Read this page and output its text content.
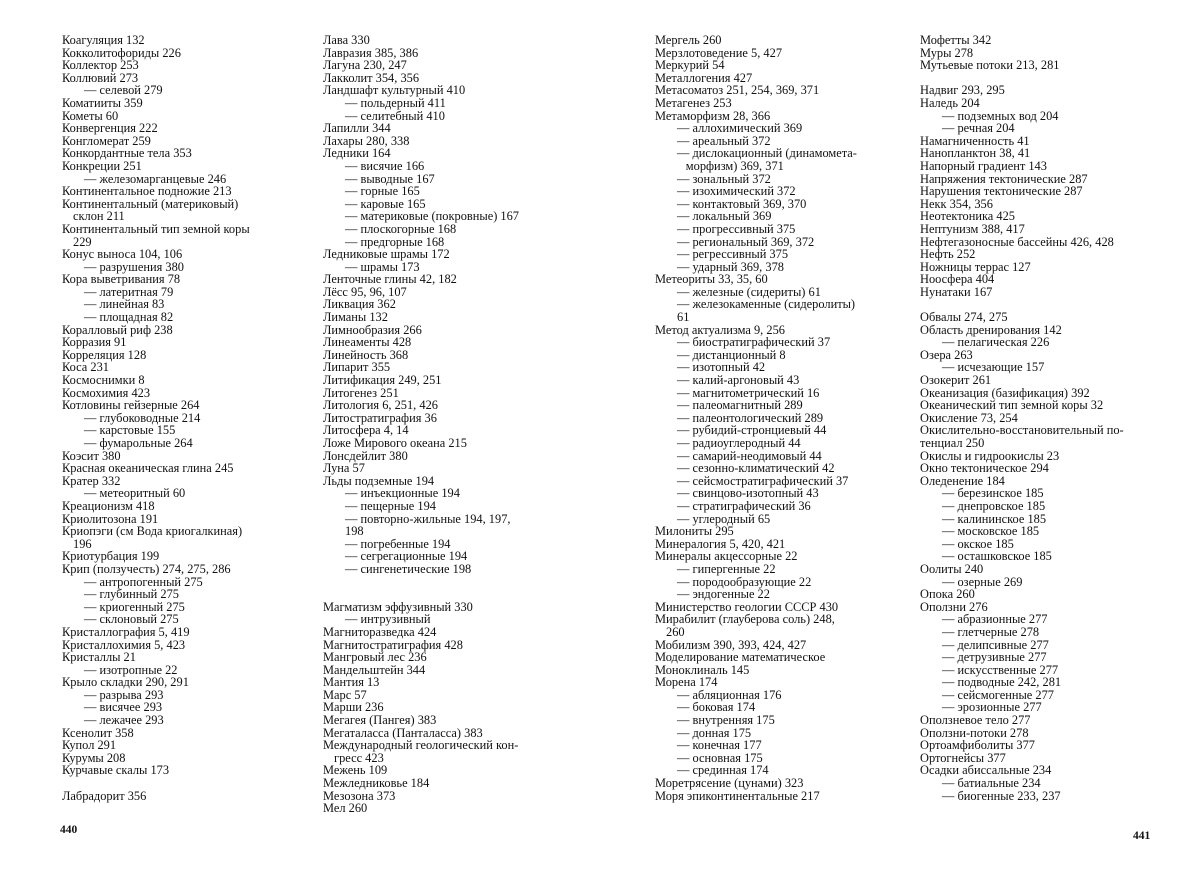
Коагуляция 132
Кокколитофориды 226
Коллектор 253
Коллювий 273
— селевой 279
Коматииты 359
Кометы 60
Конвергенция 222
Конгломерат 259
Конкордантные тела 353
Конкреции 251
— железомарганцевые 246
Континентальное подножие 213
Континентальный (материковый)
склон 211
Континентальный тип земной коры
229
Конус выноса 104, 106
— разрушения 380
Кора выветривания 78
— латеритная 79
— линейная 83
— площадная 82
Коралловый риф 238
Корразия 91
Корреляция 128
Коса 231
Космоснимки 8
Космохимия 423
Котловины гейзерные 264
— глубоководные 214
— карстовые 155
— фумарольные 264
Коэсит 380
Красная океаническая глина 245
Кратер 332
— метеоритный 60
Креационизм 418
Криолитозона 191
Криопэги (см Вода криогалкиная)
196
Криотурбация 199
Крип (ползучесть) 274, 275, 286
— антропогенный 275
— глубинный 275
— криогенный 275
— склоновый 275
Кристаллография 5, 419
Кристаллохимия 5, 423
Кристаллы 21
— изотропные 22
Крыло складки 290, 291
— разрыва 293
— висячее 293
— лежачее 293
Ксенолит 358
Купол 291
Курумы 208
Курчавые скалы 173
Лабрадорит 356
Лава 330
Лавразия 385, 386
Лагуна 230, 247
Лакколит 354, 356
Ландшафт культурный 410
— польдерный 411
— селитебный 410
Лапилли 344
Лахары 280, 338
Ледники 164
— висячие 166
— выводные 167
— горные 165
— каровые 165
— материковые (покровные) 167
— плоскогорные 168
— предгорные 168
Ледниковые шрамы 172
— шрамы 173
Ленточные глины 42, 182
Лёсс 95, 96, 107
Ликвация 362
Лиманы 132
Лимнообразия 266
Линеаменты 428
Линейность 368
Липарит 355
Литификация 249, 251
Литогенез 251
Литология 6, 251, 426
Литостратиграфия 36
Литосфера 4, 14
Ложе Мирового океана 215
Лонсдейлит 380
Луна 57
Льды подземные 194
— инъекционные 194
— пещерные 194
— повторно-жильные 194, 197,
198
— погребенные 194
— сегрегационные 194
— сингенетические 198
Магматизм эффузивный 330
— интрузивный
Магниторазведка 424
Магнитостратиграфия 428
Мангровый лес 236
Мандельштейн 344
Мантия 13
Марс 57
Марши 236
Мегагея (Пангея) 383
Мегаталасса (Панталасса) 383
Международный геологический кон-
гресс 423
Межень 109
Межледниковье 184
Мезозона 373
Мел 260
Мергель 260
Мерзлотоведение 5, 427
Меркурий 54
Металлогения 427
Метасоматоз 251, 254, 369, 371
Метагенез 253
Метаморфизм 28, 366
— аллохимический 369
— ареальный 372
— дислокационный (динамомета-
морфизм) 369, 371
— зональный 372
— изохимический 372
— контактовый 369, 370
— локальный 369
— прогрессивный 375
— региональный 369, 372
— регрессивный 375
— ударный 369, 378
Метеориты 33, 35, 60
— железные (сидериты) 61
— железокаменные (сидеролиты)
61
Метод актуализма 9, 256
— биостратиграфический 37
— дистанционный 8
— изотопный 42
— калий-аргоновый 43
— магнитометрический 16
— палеомагнитный 289
— палеонтологический 289
— рубидий-стронциевый 44
— радиоуглеродный 44
— самарий-неодимовый 44
— сезонно-климатический 42
— сейсмостратиграфический 37
— свинцово-изотопный 43
— стратиграфический 36
— углеродный 65
Милониты 295
Минералогия 5, 420, 421
Минералы акцессорные 22
— гипергенные 22
— породообразующие 22
— эндогенные 22
Министерство геологии СССР 430
Мирабилит (глауберова соль) 248,
260
Мобилизм 390, 393, 424, 427
Моделирование математическое
Моноклиналь 145
Морена 174
— абляционная 176
— боковая 174
— внутренняя 175
— донная 175
— конечная 177
— основная 175
— срединная 174
Моретрясение (цунами) 323
Моря эпиконтинентальные 217
Мофетты 342
Муры 278
Мутьевые потоки 213, 281
Надвиг 293, 295
Наледь 204
— подземных вод 204
— речная 204
Намагниченность 41
Нанопланктон 38, 41
Напорный градиент 143
Напряжения тектонические 287
Нарушения тектонические 287
Некк 354, 356
Неотектоника 425
Нептунизм 388, 417
Нефтегазоносные бассейны 426, 428
Нефть 252
Ножницы террас 127
Ноосфера 404
Нунатаки 167
Обвалы 274, 275
Область дренирования 142
— пелагическая 226
Озера 263
— исчезающие 157
Озокерит 261
Океанизация (базификация) 392
Океанический тип земной коры 32
Окисление 73, 254
Окислительно-восстановительный по-
тенциал 250
Окислы и гидроокислы 23
Окно тектоническое 294
Оледенение 184
— березинское 185
— днепровское 185
— калининское 185
— московское 185
— окское 185
— осташковское 185
Оолиты 240
— озерные 269
Опока 260
Оползни 276
— абразионные 277
— глетчерные 278
— делипсивные 277
— детрузивные 277
— искусственные 277
— подводные 242, 281
— сейсмогенные 277
— эрозионные 277
Оползневое тело 277
Оползни-потоки 278
Ортоамфиболиты 377
Ортогнейсы 377
Осадки абиссальные 234
— батиальные 234
— биогенные 233, 237
440	441
